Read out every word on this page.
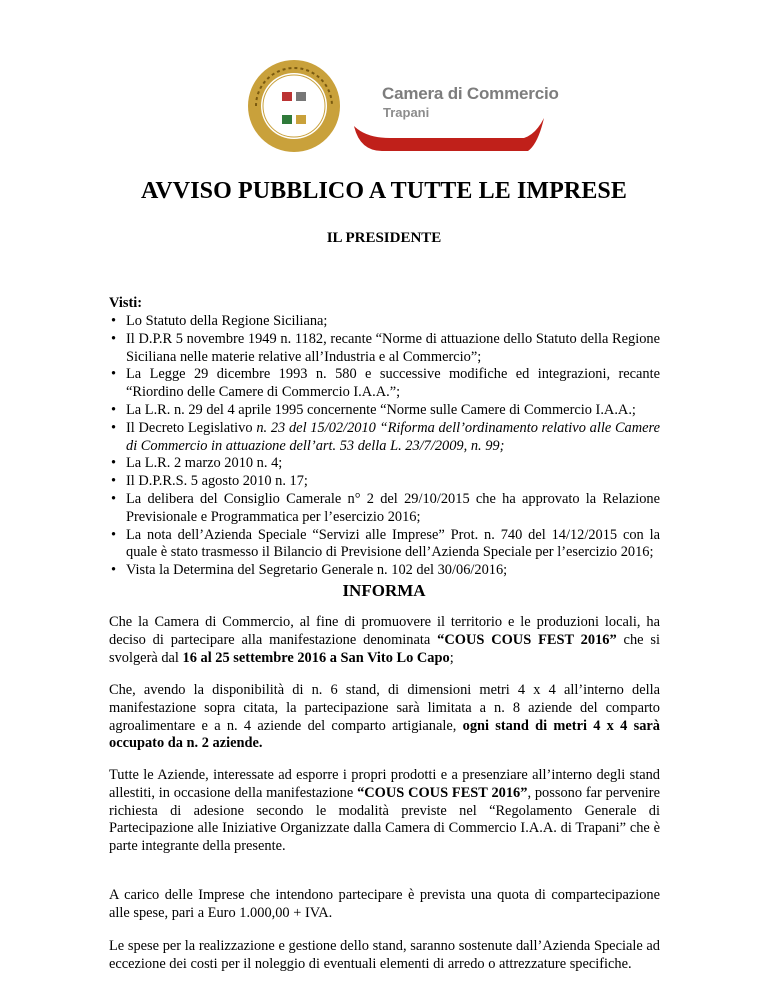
Camera di Commercio
Trapani
AVVISO PUBBLICO A TUTTE LE IMPRESE
IL PRESIDENTE
Visti:
• Lo Statuto della Regione Siciliana;
• Il D.P.R 5 novembre 1949 n. 1182, recante “Norme di attuazione dello Statuto della Regione Siciliana nelle materie relative all’Industria e al Commercio”;
• La Legge 29 dicembre 1993 n. 580 e successive modifiche ed integrazioni, recante “Riordino delle Camere di Commercio I.A.A.”;
• La L.R. n. 29 del 4 aprile 1995 concernente “Norme sulle Camere di Commercio I.A.A.;
• Il Decreto Legislativo n. 23 del 15/02/2010 “Riforma dell’ordinamento relativo alle Camere di Commercio in attuazione dell’art. 53 della L. 23/7/2009, n. 99;
• La L.R. 2 marzo 2010 n. 4;
• Il D.P.R.S. 5 agosto 2010 n. 17;
• La delibera del Consiglio Camerale n° 2 del 29/10/2015 che ha approvato la Relazione Previsionale e Programmatica per l’esercizio 2016;
• La nota dell’Azienda Speciale “Servizi alle Imprese” Prot. n. 740 del 14/12/2015 con la quale è stato trasmesso il Bilancio di Previsione dell’Azienda Speciale per l’esercizio 2016;
• Vista la Determina del Segretario Generale n. 102 del 30/06/2016;
INFORMA
Che la Camera di Commercio, al fine di promuovere il territorio e le produzioni locali, ha deciso di partecipare alla manifestazione denominata “COUS COUS FEST 2016” che si svolgerà dal 16 al 25 settembre 2016 a San Vito Lo Capo;
Che, avendo la disponibilità di n. 6 stand, di dimensioni metri 4 x 4 all’interno della manifestazione sopra citata, la partecipazione sarà limitata a n. 8 aziende del comparto agroalimentare e a n. 4 aziende del comparto artigianale, ogni stand di metri 4 x 4 sarà occupato da n. 2 aziende.
Tutte le Aziende, interessate ad esporre i propri prodotti e a presenziare all’interno degli stand allestiti, in occasione della manifestazione “COUS COUS FEST 2016”, possono far pervenire richiesta di adesione secondo le modalità previste nel “Regolamento Generale di Partecipazione alle Iniziative Organizzate dalla Camera di Commercio I.A.A. di Trapani” che è parte integrante della presente.
A carico delle Imprese che intendono partecipare è prevista una quota di compartecipazione alle spese, pari a Euro 1.000,00 + IVA.
Le spese per la realizzazione e gestione dello stand, saranno sostenute dall’Azienda Speciale ad eccezione dei costi per il noleggio di eventuali elementi di arredo o attrezzature specifiche.
